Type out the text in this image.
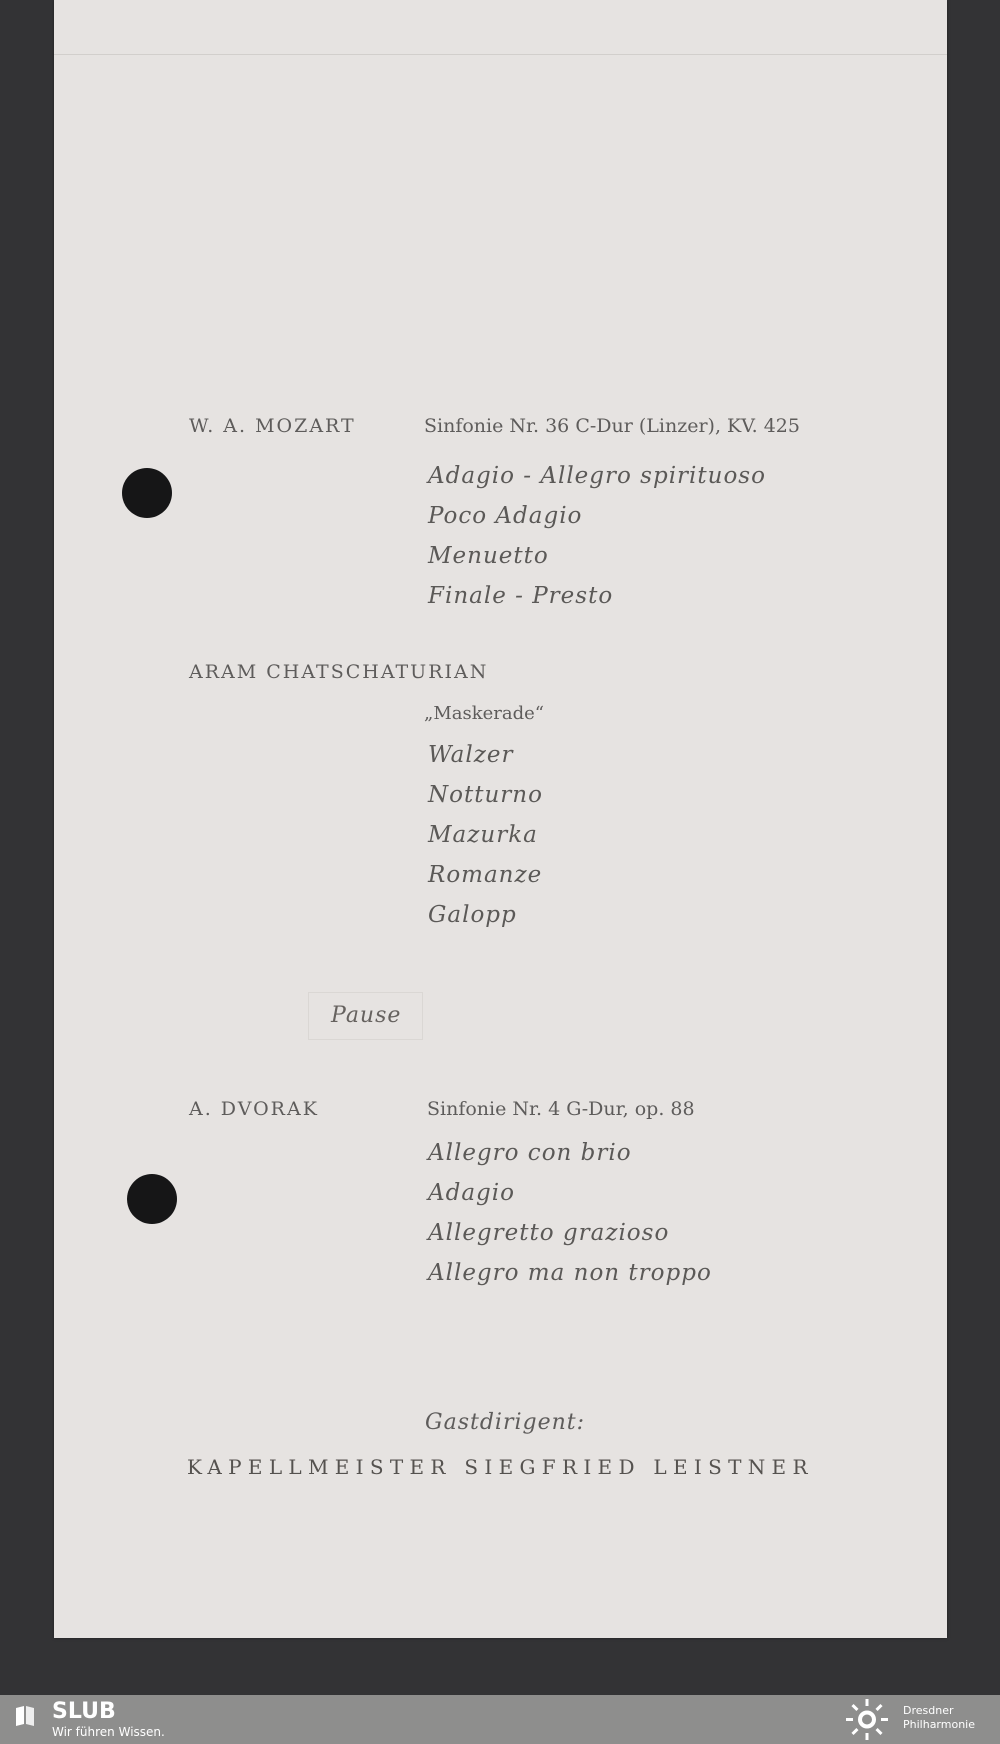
W. A. MOZART	Sinfonie Nr. 36 C-Dur (Linzer), KV. 425
Adagio - Allegro spirituoso
Poco Adagio
Menuetto
Finale - Presto
ARAM CHATSCHATURIAN
„Maskerade“
Walzer
Notturno
Mazurka
Romanze
Galopp
Pause
A. DVORAK	Sinfonie Nr. 4 G-Dur, op. 88
Allegro con brio
Adagio
Allegretto grazioso
Allegro ma non troppo
Gastdirigent:
KAPELLMEISTER SIEGFRIED LEISTNER
SLUB
Wir führen Wissen.
Dresdner
Philharmonie
